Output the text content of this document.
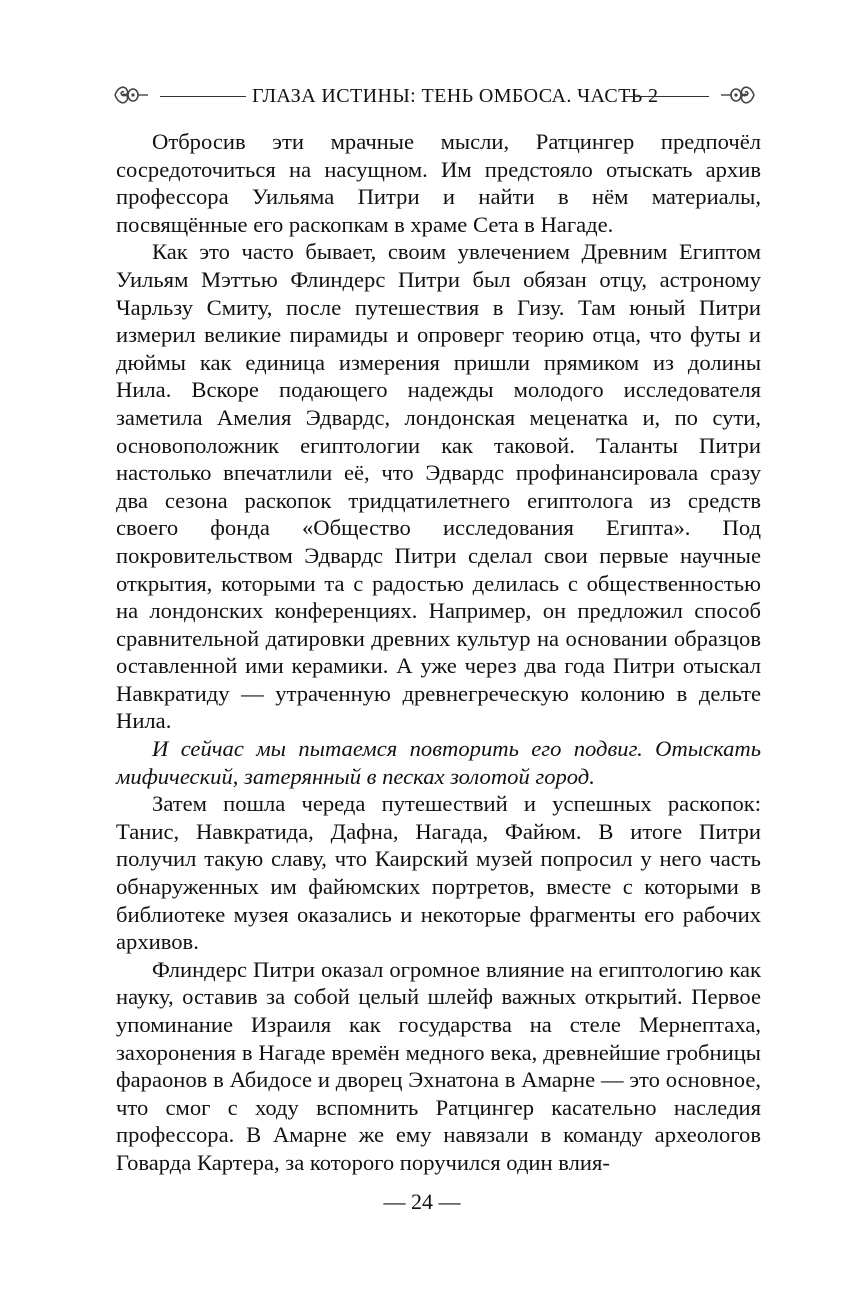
ГЛАЗА ИСТИНЫ: ТЕНЬ ОМБОСА. ЧАСТЬ 2

Отбросив эти мрачные мысли, Ратцингер предпочёл сосредоточиться на насущном. Им предстояло отыскать архив профессора Уильяма Питри и найти в нём материалы, посвящённые его раскопкам в храме Сета в Нагаде.

Как это часто бывает, своим увлечением Древним Египтом Уильям Мэттью Флиндерс Питри был обязан отцу, астроному Чарльзу Смиту, после путешествия в Гизу. Там юный Питри измерил великие пирамиды и опроверг теорию отца, что футы и дюймы как единица измерения пришли прямиком из долины Нила. Вскоре подающего надежды молодого исследователя заметила Амелия Эдвардс, лондонская меценатка и, по сути, основоположник египтологии как таковой. Таланты Питри настолько впечатлили её, что Эдвардс профинансировала сразу два сезона раскопок тридцатилетнего египтолога из средств своего фонда «Общество исследования Египта». Под покровительством Эдвардс Питри сделал свои первые научные открытия, которыми та с радостью делилась с общественностью на лондонских конференциях. Например, он предложил способ сравнительной датировки древних культур на основании образцов оставленной ими керамики. А уже через два года Питри отыскал Навкратиду — утраченную древнегреческую колонию в дельте Нила.

И сейчас мы пытаемся повторить его подвиг. Отыскать мифический, затерянный в песках золотой город.

Затем пошла череда путешествий и успешных раскопок: Танис, Навкратида, Дафна, Нагада, Файюм. В итоге Питри получил такую славу, что Каирский музей попросил у него часть обнаруженных им файюмских портретов, вместе с которыми в библиотеке музея оказались и некоторые фрагменты его рабочих архивов.

Флиндерс Питри оказал огромное влияние на египтологию как науку, оставив за собой целый шлейф важных открытий. Первое упоминание Израиля как государства на стеле Мернептаха, захоронения в Нагаде времён медного века, древнейшие гробницы фараонов в Абидосе и дворец Эхнатона в Амарне — это основное, что смог с ходу вспомнить Ратцингер касательно наследия профессора. В Амарне же ему навязали в команду археологов Говарда Картера, за которого поручился один влия-

— 24 —
